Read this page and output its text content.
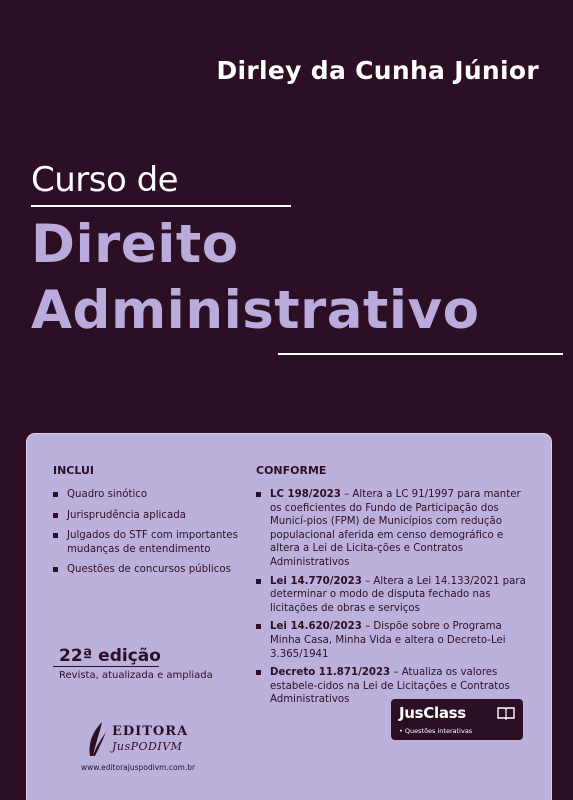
Dirley da Cunha Júnior
Curso de
Direito
Administrativo
INCLUI
Quadro sinótico
Jurisprudência aplicada
Julgados do STF com importantes mudanças de entendimento
Questões de concursos públicos
CONFORME
LC 198/2023 – Altera a LC 91/1997 para manter os coeficientes do Fundo de Participação dos Municí-pios (FPM) de Municípios com redução populacional aferida em censo demográfico e altera a Lei de Licita-ções e Contratos Administrativos
Lei 14.770/2023 – Altera a Lei 14.133/2021 para determinar o modo de disputa fechado nas licitações de obras e serviços
Lei 14.620/2023 – Dispõe sobre o Programa Minha Casa, Minha Vida e altera o Decreto-Lei 3.365/1941
Decreto 11.871/2023 – Atualiza os valores estabele-cidos na Lei de Licitações e Contratos Administrativos
22ª edição
Revista, atualizada e ampliada
EDITORA
JusPODIVM
www.editorajuspodivm.com.br
JusClass
• Questões interativas
